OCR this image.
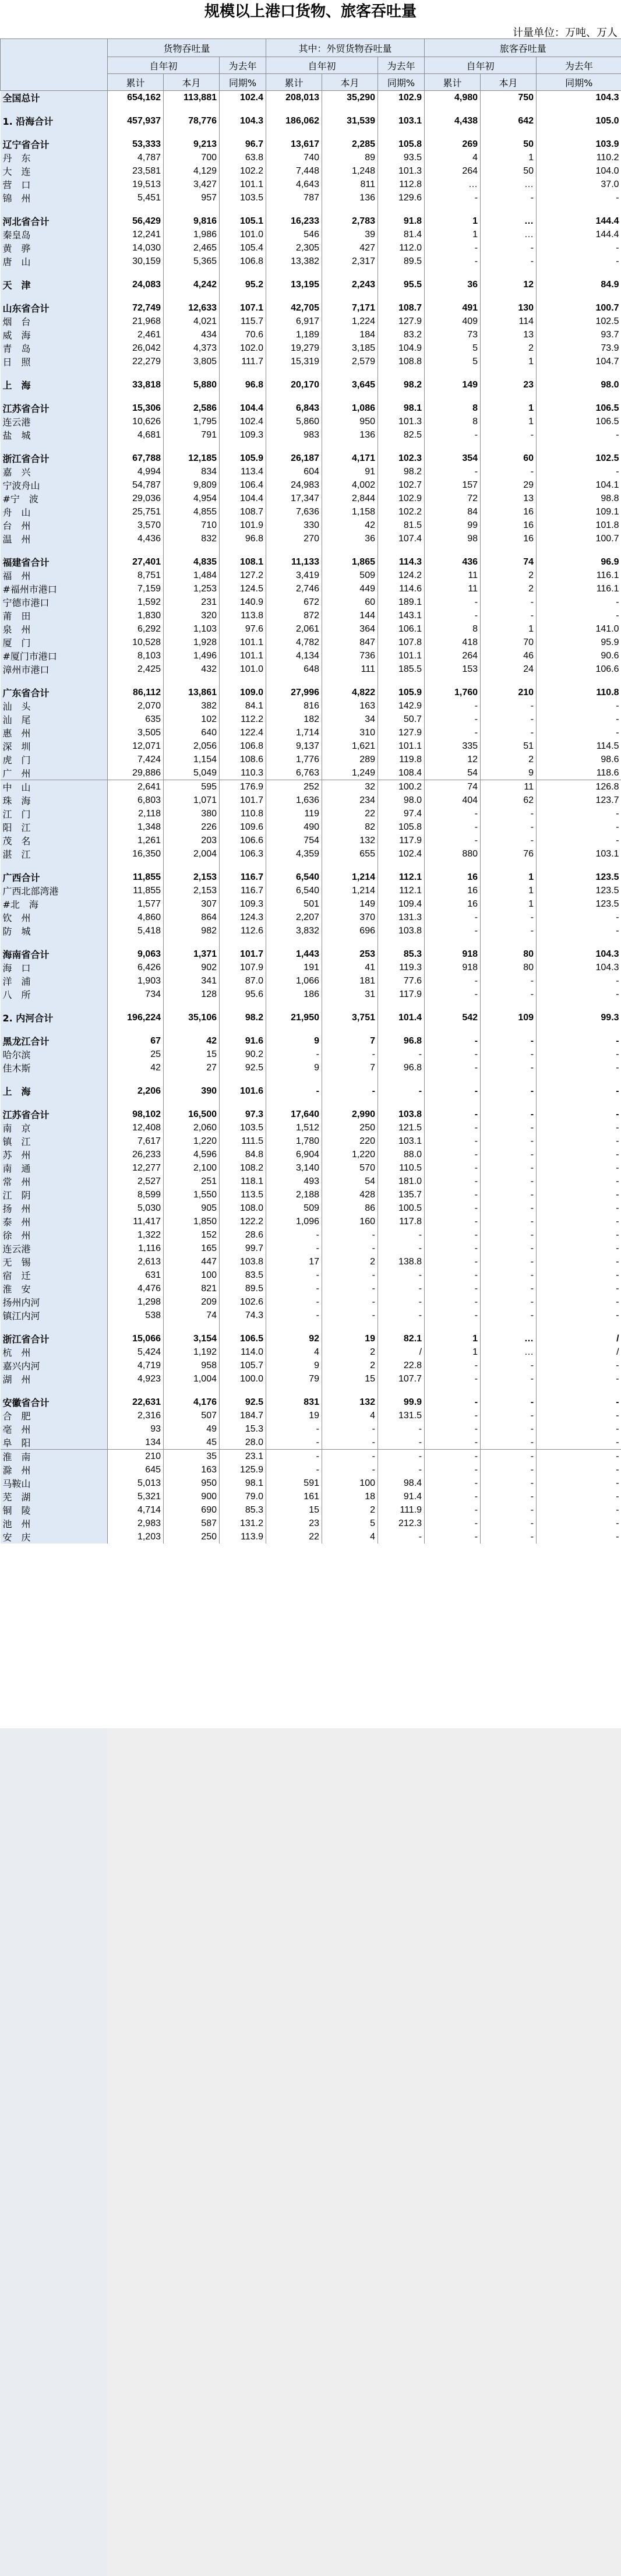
规模以上港口货物、旅客吞吐量
计量单位：万吨、万人
	货物吞吐量			其中：外贸货物吞吐量			旅客吞吐量		
	自年初		为去年	自年初		为去年	自年初		为去年
	累计	本月	同期%	累计	本月	同期%	累计	本月	同期%
全国总计	654,162	113,881	102.4	208,013	35,290	102.9	4,980	750	104.3

1. 沿海合计	457,937	78,776	104.3	186,062	31,539	103.1	4,438	642	105.0

辽宁省合计	53,333	9,213	96.7	13,617	2,285	105.8	269	50	103.9
丹　东	4,787	700	63.8	740	89	93.5	4	1	110.2
大　连	23,581	4,129	102.2	7,448	1,248	101.3	264	50	104.0
营　口	19,513	3,427	101.1	4,643	811	112.8	…	…	37.0
锦　州	5,451	957	103.5	787	136	129.6	-	-	-

河北省合计	56,429	9,816	105.1	16,233	2,783	91.8	1	…	144.4
秦皇岛	12,241	1,986	101.0	546	39	81.4	1	…	144.4
黄　骅	14,030	2,465	105.4	2,305	427	112.0	-	-	-
唐　山	30,159	5,365	106.8	13,382	2,317	89.5	-	-	-

天　津	24,083	4,242	95.2	13,195	2,243	95.5	36	12	84.9

山东省合计	72,749	12,633	107.1	42,705	7,171	108.7	491	130	100.7
烟　台	21,968	4,021	115.7	6,917	1,224	127.9	409	114	102.5
威　海	2,461	434	70.6	1,189	184	83.2	73	13	93.7
青　岛	26,042	4,373	102.0	19,279	3,185	104.9	5	2	73.9
日　照	22,279	3,805	111.7	15,319	2,579	108.8	5	1	104.7

上　海	33,818	5,880	96.8	20,170	3,645	98.2	149	23	98.0

江苏省合计	15,306	2,586	104.4	6,843	1,086	98.1	8	1	106.5
连云港	10,626	1,795	102.4	5,860	950	101.3	8	1	106.5
盐　城	4,681	791	109.3	983	136	82.5	-	-	-

浙江省合计	67,788	12,185	105.9	26,187	4,171	102.3	354	60	102.5
嘉　兴	4,994	834	113.4	604	91	98.2	-	-	-
宁波舟山	54,787	9,809	106.4	24,983	4,002	102.7	157	29	104.1
#宁　波	29,036	4,954	104.4	17,347	2,844	102.9	72	13	98.8
舟　山	25,751	4,855	108.7	7,636	1,158	102.2	84	16	109.1
台　州	3,570	710	101.9	330	42	81.5	99	16	101.8
温　州	4,436	832	96.8	270	36	107.4	98	16	100.7

福建省合计	27,401	4,835	108.1	11,133	1,865	114.3	436	74	96.9
福　州	8,751	1,484	127.2	3,419	509	124.2	11	2	116.1
#福州市港口	7,159	1,253	124.5	2,746	449	114.6	11	2	116.1
宁德市港口	1,592	231	140.9	672	60	189.1	-	-	-
莆　田	1,830	320	113.8	872	144	143.1	-	-	-
泉　州	6,292	1,103	97.6	2,061	364	106.1	8	1	141.0
厦　门	10,528	1,928	101.1	4,782	847	107.8	418	70	95.9
#厦门市港口	8,103	1,496	101.1	4,134	736	101.1	264	46	90.6
漳州市港口	2,425	432	101.0	648	111	185.5	153	24	106.6

广东省合计	86,112	13,861	109.0	27,996	4,822	105.9	1,760	210	110.8
汕　头	2,070	382	84.1	816	163	142.9	-	-	-
汕　尾	635	102	112.2	182	34	50.7	-	-	-
惠　州	3,505	640	122.4	1,714	310	127.9	-	-	-
深　圳	12,071	2,056	106.8	9,137	1,621	101.1	335	51	114.5
虎　门	7,424	1,154	108.6	1,776	289	119.8	12	2	98.6
广　州	29,886	5,049	110.3	6,763	1,249	108.4	54	9	118.6
中　山	2,641	595	176.9	252	32	100.2	74	11	126.8
珠　海	6,803	1,071	101.7	1,636	234	98.0	404	62	123.7
江　门	2,118	380	110.8	119	22	97.4	-	-	-
阳　江	1,348	226	109.6	490	82	105.8	-	-	-
茂　名	1,261	203	106.6	754	132	117.9	-	-	-
湛　江	16,350	2,004	106.3	4,359	655	102.4	880	76	103.1

广西合计	11,855	2,153	116.7	6,540	1,214	112.1	16	1	123.5
广西北部湾港	11,855	2,153	116.7	6,540	1,214	112.1	16	1	123.5
#北　海	1,577	307	109.3	501	149	109.4	16	1	123.5
钦　州	4,860	864	124.3	2,207	370	131.3	-	-	-
防　城	5,418	982	112.6	3,832	696	103.8	-	-	-

海南省合计	9,063	1,371	101.7	1,443	253	85.3	918	80	104.3
海　口	6,426	902	107.9	191	41	119.3	918	80	104.3
洋　浦	1,903	341	87.0	1,066	181	77.6	-	-	-
八　所	734	128	95.6	186	31	117.9	-	-	-

2. 内河合计	196,224	35,106	98.2	21,950	3,751	101.4	542	109	99.3

黑龙江合计	67	42	91.6	9	7	96.8	-	-	-
哈尔滨	25	15	90.2	-	-	-	-	-	-
佳木斯	42	27	92.5	9	7	96.8	-	-	-

上　海	2,206	390	101.6	-	-	-	-	-	-

江苏省合计	98,102	16,500	97.3	17,640	2,990	103.8	-	-	-
南　京	12,408	2,060	103.5	1,512	250	121.5	-	-	-
镇　江	7,617	1,220	111.5	1,780	220	103.1	-	-	-
苏　州	26,233	4,596	84.8	6,904	1,220	88.0	-	-	-
南　通	12,277	2,100	108.2	3,140	570	110.5	-	-	-
常　州	2,527	251	118.1	493	54	181.0	-	-	-
江　阴	8,599	1,550	113.5	2,188	428	135.7	-	-	-
扬　州	5,030	905	108.0	509	86	100.5	-	-	-
泰　州	11,417	1,850	122.2	1,096	160	117.8	-	-	-
徐　州	1,322	152	28.6	-	-	-	-	-	-
连云港	1,116	165	99.7	-	-	-	-	-	-
无　锡	2,613	447	103.8	17	2	138.8	-	-	-
宿　迁	631	100	83.5	-	-	-	-	-	-
淮　安	4,476	821	89.5	-	-	-	-	-	-
扬州内河	1,298	209	102.6	-	-	-	-	-	-
镇江内河	538	74	74.3	-	-	-	-	-	-

浙江省合计	15,066	3,154	106.5	92	19	82.1	1	…	/
杭　州	5,424	1,192	114.0	4	2	/	1	…	/
嘉兴内河	4,719	958	105.7	9	2	22.8	-	-	-
湖　州	4,923	1,004	100.0	79	15	107.7	-	-	-

安徽省合计	22,631	4,176	92.5	831	132	99.9	-	-	-
合　肥	2,316	507	184.7	19	4	131.5	-	-	-
亳　州	93	49	15.3	-	-	-	-	-	-
阜　阳	134	45	28.0	-	-	-	-	-	-
淮　南	210	35	23.1	-	-	-	-	-	-
滁　州	645	163	125.9	-	-	-	-	-	-
马鞍山	5,013	950	98.1	591	100	98.4	-	-	-
芜　湖	5,321	900	79.0	161	18	91.4	-	-	-
铜　陵	4,714	690	85.3	15	2	111.9	-	-	-
池　州	2,983	587	131.2	23	5	212.3	-	-	-
安　庆	1,203	250	113.9	22	4	-	-	-	-
